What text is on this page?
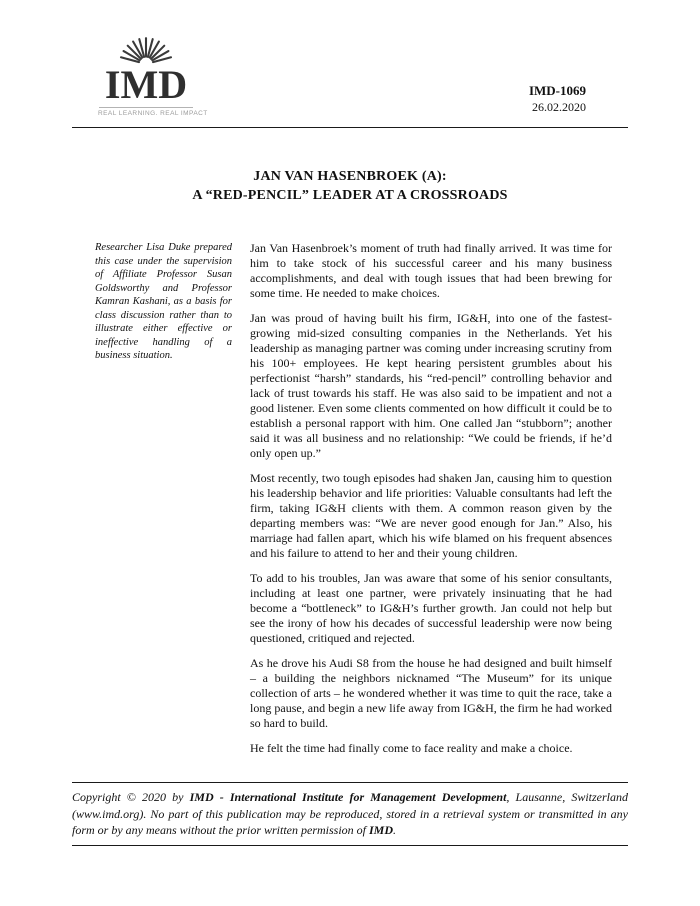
IMD
REAL LEARNING. REAL IMPACT
IMD-1069
26.02.2020
JAN VAN HASENBROEK (A):
A “RED-PENCIL” LEADER AT A CROSSROADS

Researcher Lisa Duke prepared this case under the supervision of Affiliate Professor Susan Goldsworthy and Professor Kamran Kashani, as a basis for class discussion rather than to illustrate either effective or ineffective handling of a business situation.

Jan Van Hasenbroek’s moment of truth had finally arrived. It was time for him to take stock of his successful career and his many business accomplishments, and deal with tough issues that had been brewing for some time. He needed to make choices.

Jan was proud of having built his firm, IG&H, into one of the fastest-growing mid-sized consulting companies in the Netherlands. Yet his leadership as managing partner was coming under increasing scrutiny from his 100+ employees. He kept hearing persistent grumbles about his perfectionist “harsh” standards, his “red-pencil” controlling behavior and lack of trust towards his staff. He was also said to be impatient and not a good listener. Even some clients commented on how difficult it could be to establish a personal rapport with him. One called Jan “stubborn”; another said it was all business and no relationship: “We could be friends, if he’d only open up.”

Most recently, two tough episodes had shaken Jan, causing him to question his leadership behavior and life priorities: Valuable consultants had left the firm, taking IG&H clients with them. A common reason given by the departing members was: “We are never good enough for Jan.” Also, his marriage had fallen apart, which his wife blamed on his frequent absences and his failure to attend to her and their young children.

To add to his troubles, Jan was aware that some of his senior consultants, including at least one partner, were privately insinuating that he had become a “bottleneck” to IG&H’s further growth. Jan could not help but see the irony of how his decades of successful leadership were now being questioned, critiqued and rejected.

As he drove his Audi S8 from the house he had designed and built himself – a building the neighbors nicknamed “The Museum” for its unique collection of arts – he wondered whether it was time to quit the race, take a long pause, and begin a new life away from IG&H, the firm he had worked so hard to build.

He felt the time had finally come to face reality and make a choice.

Copyright © 2020 by IMD - International Institute for Management Development, Lausanne, Switzerland (www.imd.org). No part of this publication may be reproduced, stored in a retrieval system or transmitted in any form or by any means without the prior written permission of IMD.
